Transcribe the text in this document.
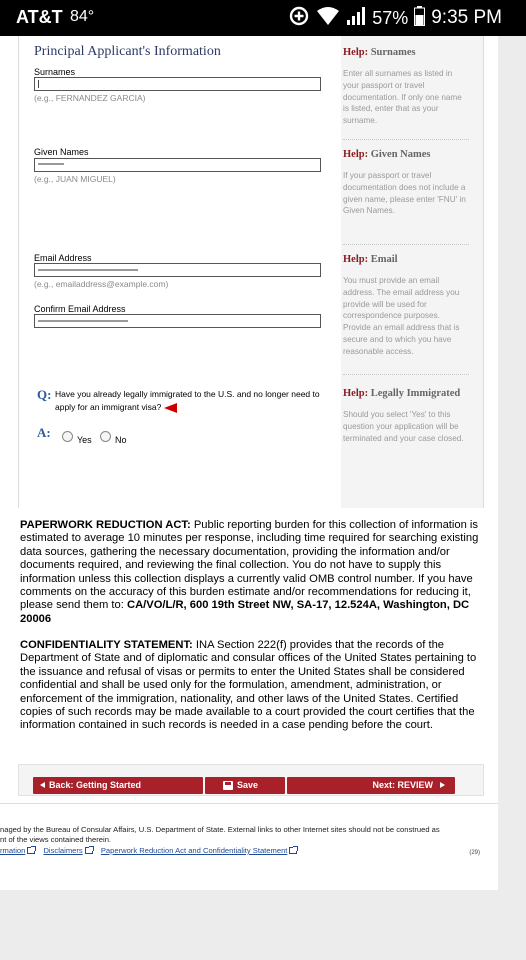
AT&T 84°	57% 9:35 PM
Principal Applicant's Information
Surnames
(e.g., FERNANDEZ GARCIA)
Given Names
(e.g., JUAN MIGUEL)
Email Address
(e.g., emailaddress@example.com)
Confirm Email Address
Q: Have you already legally immigrated to the U.S. and no longer need to apply for an immigrant visa?
A:	Yes	No
Help: Surnames
Enter all surnames as listed in your passport or travel documentation. If only one name is listed, enter that as your surname.
Help: Given Names
If your passport or travel documentation does not include a given name, please enter 'FNU' in Given Names.
Help: Email
You must provide an email address. The email address you provide will be used for correspondence purposes. Provide an email address that is secure and to which you have reasonable access.
Help: Legally Immigrated
Should you select 'Yes' to this question your application will be terminated and your case closed.
PAPERWORK REDUCTION ACT: Public reporting burden for this collection of information is estimated to average 10 minutes per response, including time required for searching existing data sources, gathering the necessary documentation, providing the information and/or documents required, and reviewing the final collection. You do not have to supply this information unless this collection displays a currently valid OMB control number. If you have comments on the accuracy of this burden estimate and/or recommendations for reducing it, please send them to: CA/VO/L/R, 600 19th Street NW, SA-17, 12.524A, Washington, DC 20006
CONFIDENTIALITY STATEMENT: INA Section 222(f) provides that the records of the Department of State and of diplomatic and consular offices of the United States pertaining to the issuance and refusal of visas or permits to enter the United States shall be considered confidential and shall be used only for the formulation, amendment, administration, or enforcement of the immigration, nationality, and other laws of the United States. Certified copies of such records may be made available to a court provided the court certifies that the information contained in such records is needed in a case pending before the court.
Back: Getting Started	Save	Next: REVIEW
naged by the Bureau of Consular Affairs, U.S. Department of State. External links to other Internet sites should not be construed as
nt of the views contained therein.
rmation Disclaimers Paperwork Reduction Act and Confidentiality Statement	(29)
